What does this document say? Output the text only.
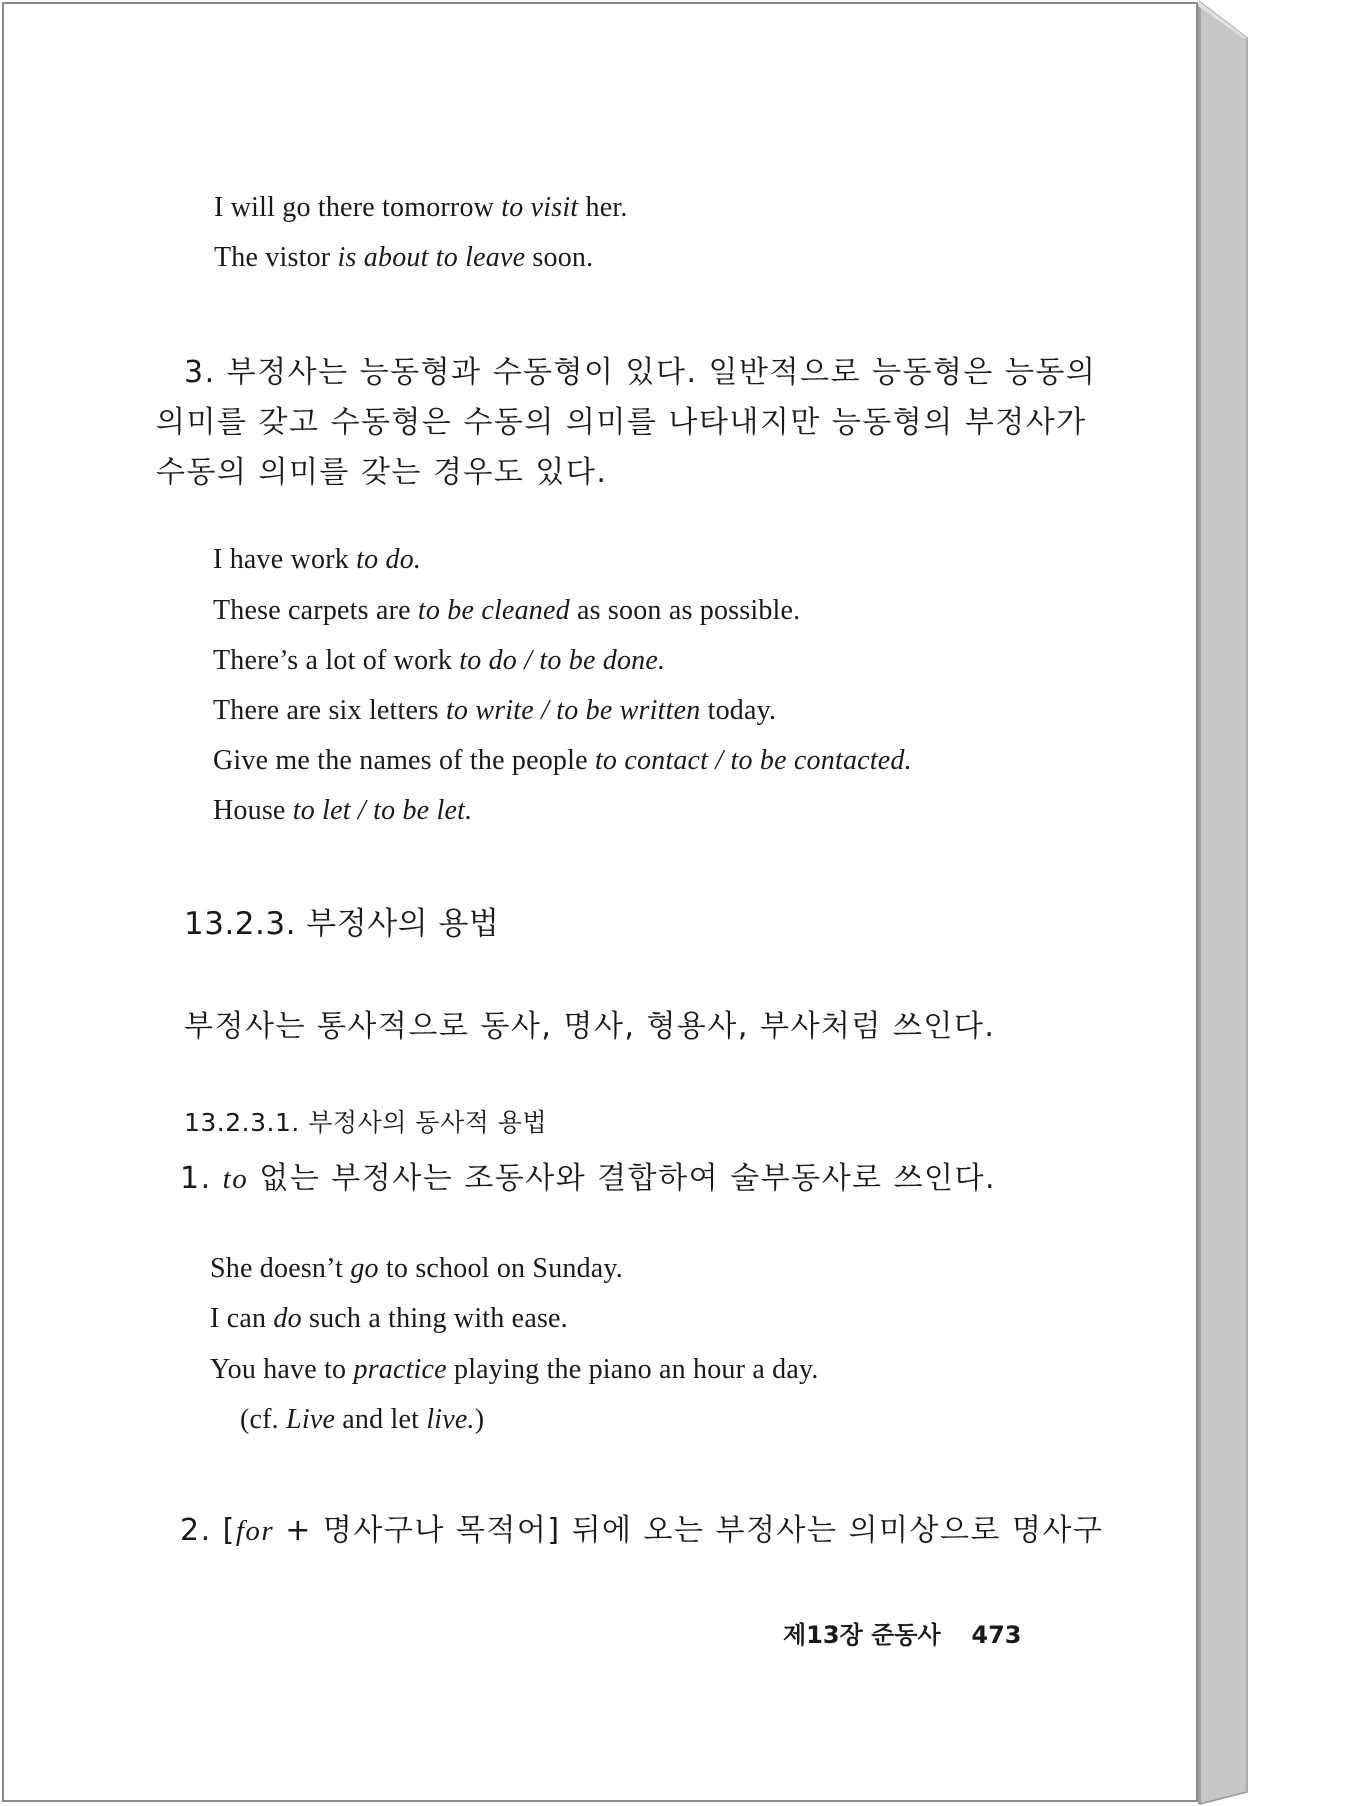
I will go there tomorrow to visit her.
The vistor is about to leave soon.
3. 부정사는 능동형과 수동형이 있다. 일반적으로 능동형은 능동의
의미를 갖고 수동형은 수동의 의미를 나타내지만 능동형의 부정사가
수동의 의미를 갖는 경우도 있다.
I have work to do.
These carpets are to be cleaned as soon as possible.
There’s a lot of work to do / to be done.
There are six letters to write / to be written today.
Give me the names of the people to contact / to be contacted.
House to let / to be let.
13.2.3. 부정사의 용법
부정사는 통사적으로 동사, 명사, 형용사, 부사처럼 쓰인다.
13.2.3.1. 부정사의 동사적 용법
1. to 없는 부정사는 조동사와 결합하여 술부동사로 쓰인다.
She doesn’t go to school on Sunday.
I can do such a thing with ease.
You have to practice playing the piano an hour a day.
(cf. Live and let live.)
2. [for + 명사구나 목적어] 뒤에 오는 부정사는 의미상으로 명사구
제13장 준동사 473
